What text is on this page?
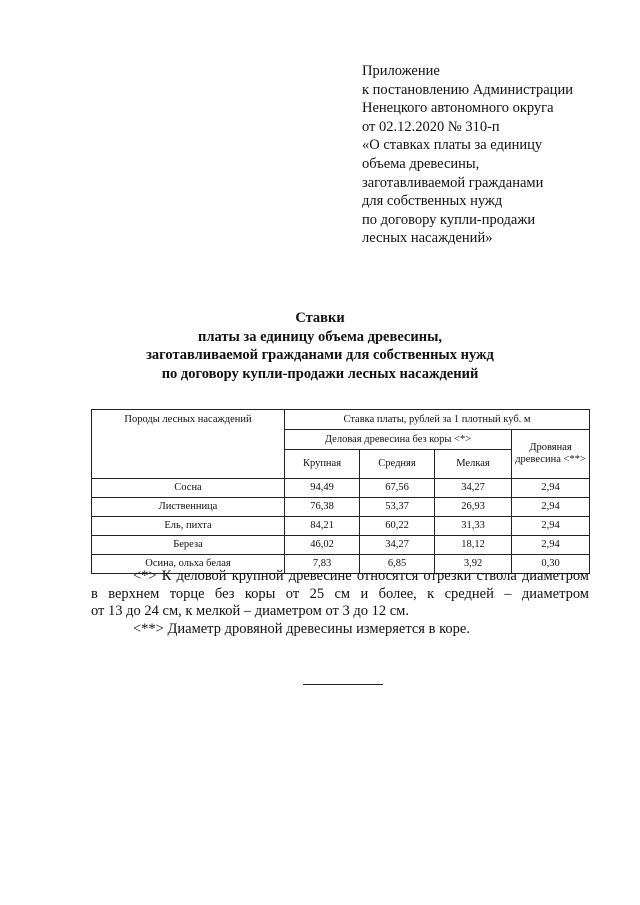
Приложение
к постановлению Администрации
Ненецкого автономного округа
от 02.12.2020 № 310-п
«О ставках платы за единицу
объема древесины,
заготавливаемой гражданами
для собственных нужд
по договору купли-продажи
лесных насаждений»
Ставки
платы за единицу объема древесины,
заготавливаемой гражданами для собственных нужд
по договору купли-продажи лесных насаждений
Породы лесных насаждений	Ставка платы, рублей за 1 плотный куб. м			
	Деловая древесина без коры <*>			Дровяная древесина <**>
	Крупная	Средняя	Мелкая	
Сосна	94,49	67,56	34,27	2,94
Лиственница	76,38	53,37	26,93	2,94
Ель, пихта	84,21	60,22	31,33	2,94
Береза	46,02	34,27	18,12	2,94
Осина, ольха белая	7,83	6,85	3,92	0,30

<*> К деловой крупной древесине относятся отрезки ствола диаметром

в верхнем торце без коры от 25 см и более, к средней – диаметром

от 13 до 24 см, к мелкой – диаметром от 3 до 12 см.

<**> Диаметр дровяной древесины измеряется в коре.
